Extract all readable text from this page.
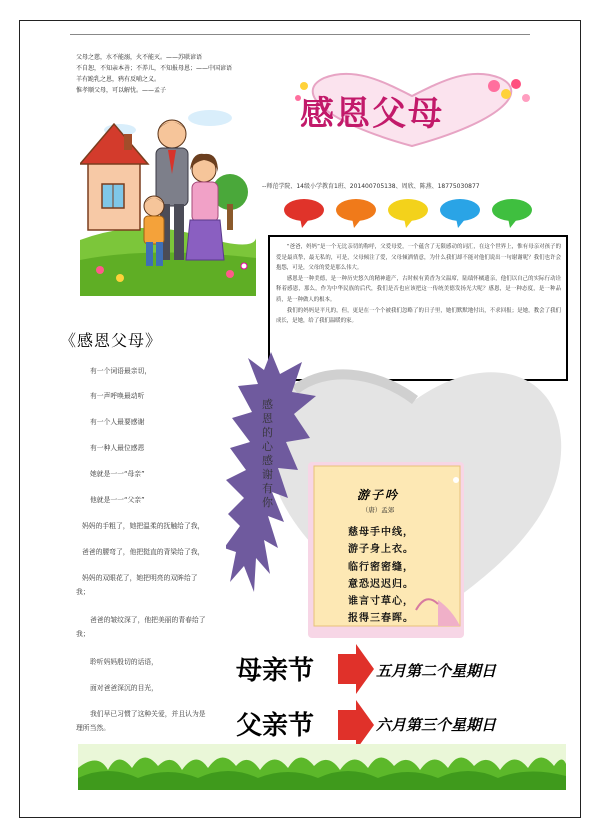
父母之慈，水不能溺，火不能灭。——苏联谚语
不自恕，不知亲本善；不养儿，不知报母恩；——中国谚语
羊有跪乳之恩，鸦有反哺之义。
惟孝顺父母，可以解忧。——孟子
感恩父母
--师范学院、14级小学教育1班、201400705138、周欣、陈燕、18775030877

“爸爸，妈妈”是一个无比亲切的称呼，父爱母爱，一个蕴含了无限感动的词汇，在这个世界上，惟有母亲对孩子的爱是最真挚，最无私的，可是，父母倾注了爱，父母倾洒情意，为什么我们却不能对他们说出一句谢谢呢？我们也许会抱怨，可是，父母的爱是那么伟大。

感恩是一种美德，是一种历史悠久的精神遗产，古时候有黄香为父温席，陆绩怀橘遗亲，他们以自己的实际行动诠释着感恩，那么，作为中华民族的后代，我们是否也应该把这一传统美德发扬光大呢？感恩，是一种态度，是一种品质，是一种做人的根本。

我们的妈妈是平凡的，但，更是在一个个被我们忽略了的日子里，她们默默地付出，不求回报；是她，教会了我们成长，是她，给了我们温暖的家。

《感恩父母》
有一个词语最亲切，
有一声呼唤最动听
有一个人最要感谢
有一种人最位感恩
她就是一一“母亲”
他就是一一“父亲”
妈妈的手粗了，她把温柔的抚触给了我，
爸爸的腰弯了，他把挺直的背梁给了我，
妈妈的双眼花了，她把明亮的双眸给了
我；
爸爸的皱纹深了，他把美丽的青春给了
我；
聆听妈妈殷切的话语，
面对爸爸深沉的目光，
我们早已习惯了这种关爱，并且认为是
理所当然。
感恩的心 感谢有你
游子吟
（唐）孟郊
慈母手中线，
游子身上衣。
临行密密缝，
意恐迟迟归。
谁言寸草心，
报得三春晖。
母亲节	五月第二个星期日
父亲节	六月第三个星期日
